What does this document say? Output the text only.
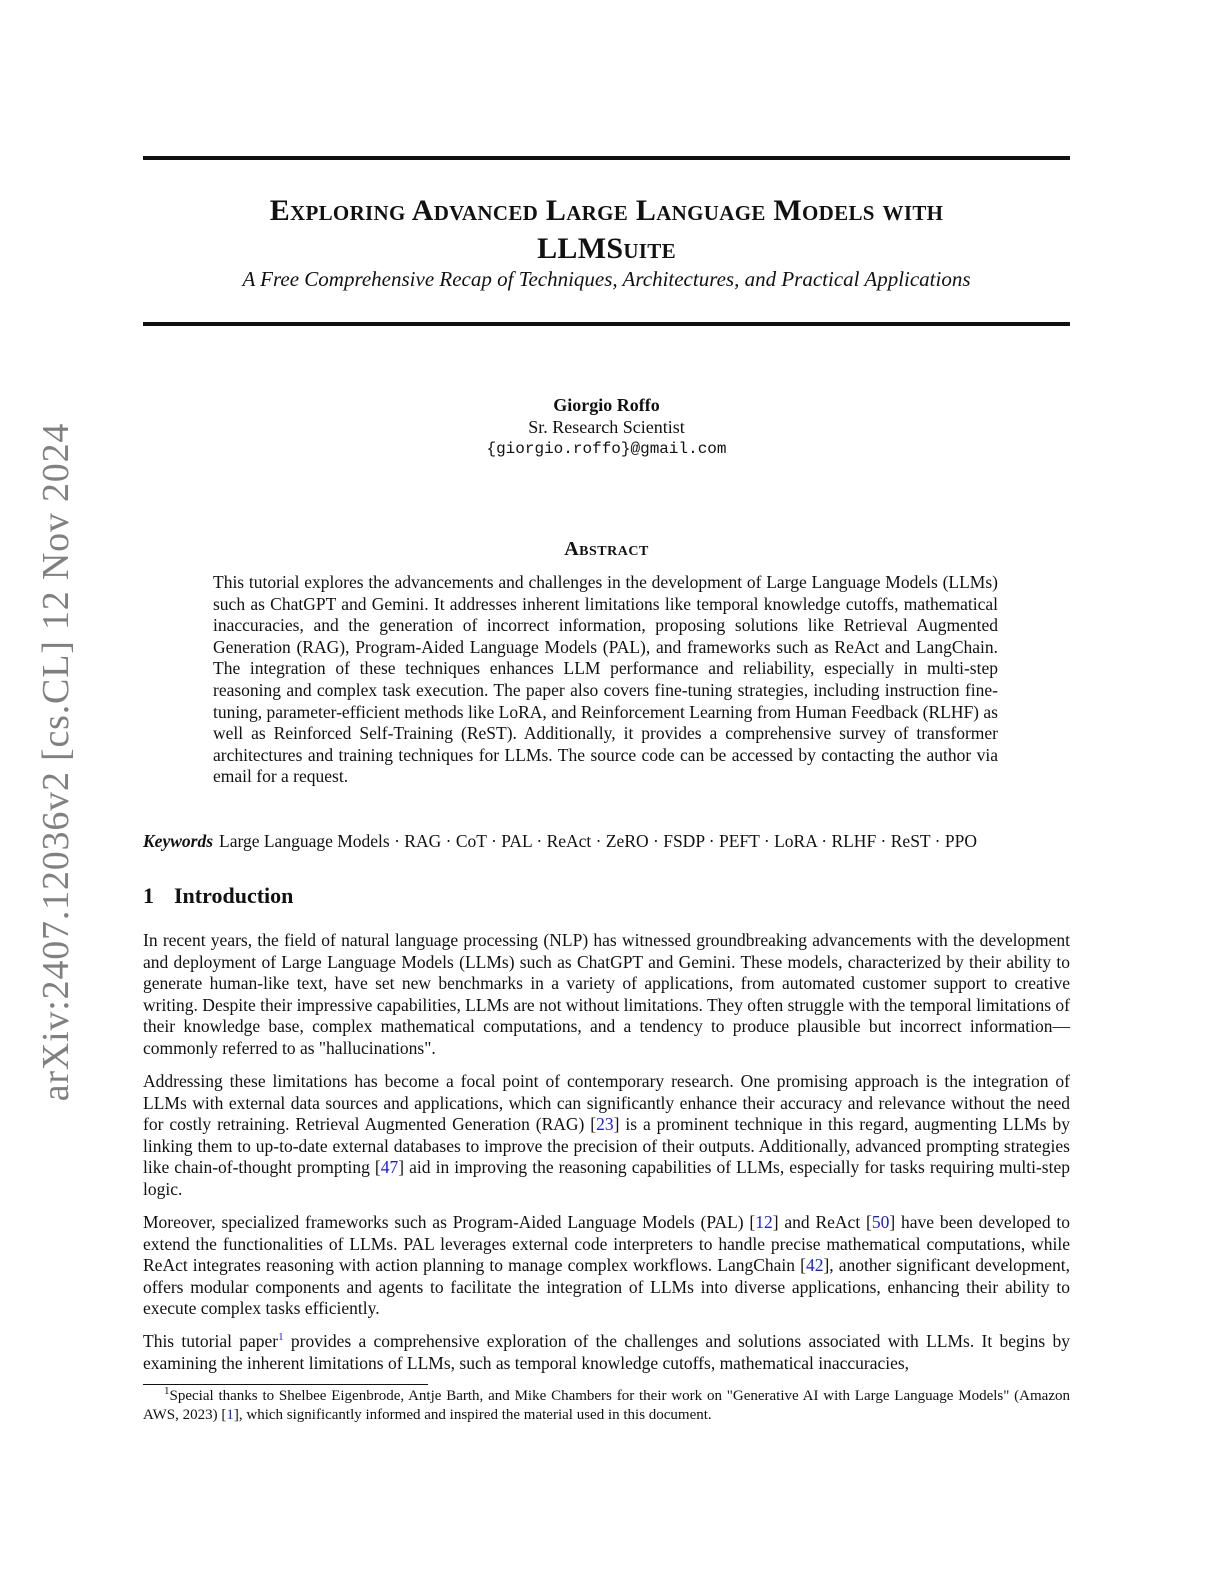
Exploring Advanced Large Language Models with
LLMSuite
A Free Comprehensive Recap of Techniques, Architectures, and Practical Applications
Giorgio Roffo
Sr. Research Scientist
{giorgio.roffo}@gmail.com
Abstract
This tutorial explores the advancements and challenges in the development of Large Language Models (LLMs) such as ChatGPT and Gemini. It addresses inherent limitations like temporal knowledge cutoffs, mathematical inaccuracies, and the generation of incorrect information, proposing solutions like Retrieval Augmented Generation (RAG), Program-Aided Language Models (PAL), and frameworks such as ReAct and LangChain. The integration of these techniques enhances LLM performance and reliability, especially in multi-step reasoning and complex task execution. The paper also covers fine-tuning strategies, including instruction fine-tuning, parameter-efficient methods like LoRA, and Reinforcement Learning from Human Feedback (RLHF) as well as Reinforced Self-Training (ReST). Additionally, it provides a comprehensive survey of transformer architectures and training techniques for LLMs. The source code can be accessed by contacting the author via email for a request.
Keywords Large Language Models · RAG · CoT · PAL · ReAct · ZeRO · FSDP · PEFT · LoRA · RLHF · ReST · PPO
1 Introduction
In recent years, the field of natural language processing (NLP) has witnessed groundbreaking advancements with the development and deployment of Large Language Models (LLMs) such as ChatGPT and Gemini. These models, characterized by their ability to generate human-like text, have set new benchmarks in a variety of applications, from automated customer support to creative writing. Despite their impressive capabilities, LLMs are not without limitations. They often struggle with the temporal limitations of their knowledge base, complex mathematical computations, and a tendency to produce plausible but incorrect information—commonly referred to as "hallucinations".
Addressing these limitations has become a focal point of contemporary research. One promising approach is the integration of LLMs with external data sources and applications, which can significantly enhance their accuracy and relevance without the need for costly retraining. Retrieval Augmented Generation (RAG) [23] is a prominent technique in this regard, augmenting LLMs by linking them to up-to-date external databases to improve the precision of their outputs. Additionally, advanced prompting strategies like chain-of-thought prompting [47] aid in improving the reasoning capabilities of LLMs, especially for tasks requiring multi-step logic.
Moreover, specialized frameworks such as Program-Aided Language Models (PAL) [12] and ReAct [50] have been developed to extend the functionalities of LLMs. PAL leverages external code interpreters to handle precise mathematical computations, while ReAct integrates reasoning with action planning to manage complex workflows. LangChain [42], another significant development, offers modular components and agents to facilitate the integration of LLMs into diverse applications, enhancing their ability to execute complex tasks efficiently.
This tutorial paper$^1$ provides a comprehensive exploration of the challenges and solutions associated with LLMs. It begins by examining the inherent limitations of LLMs, such as temporal knowledge cutoffs, mathematical inaccuracies,
$^1$Special thanks to Shelbee Eigenbrode, Antje Barth, and Mike Chambers for their work on "Generative AI with Large Language Models" (Amazon AWS, 2023) [1], which significantly informed and inspired the material used in this document.
arXiv:2407.12036v2 [cs.CL] 12 Nov 2024
